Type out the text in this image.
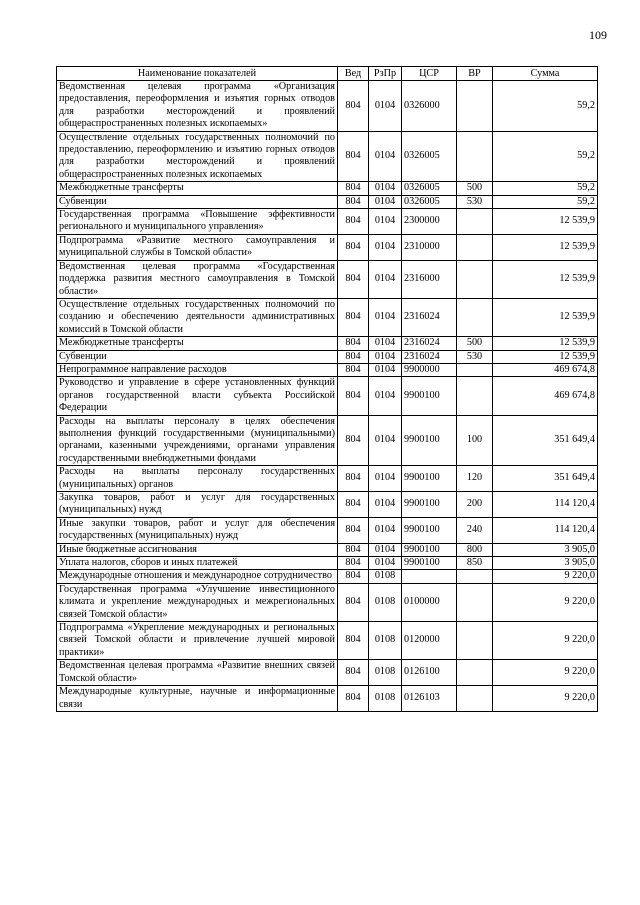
109
Наименование показателей	Вед	РзПр	ЦСР	ВР	Сумма
Ведомственная целевая программа «Организация предоставления, переоформления и изъятия горных отводов для разработки месторождений и проявлений общераспространенных полезных ископаемых»	804	0104	0326000		59,2
Осуществление отдельных государственных полномочий по предоставлению, переоформлению и изъятию горных отводов для разработки месторождений и проявлений общераспространенных полезных ископаемых	804	0104	0326005		59,2
Межбюджетные трансферты	804	0104	0326005	500	59,2
Субвенции	804	0104	0326005	530	59,2
Государственная программа «Повышение эффективности регионального и муниципального управления»	804	0104	2300000		12 539,9
Подпрограмма «Развитие местного самоуправления и муниципальной службы в Томской области»	804	0104	2310000		12 539,9
Ведомственная целевая программа «Государственная поддержка развития местного самоуправления в Томской области»	804	0104	2316000		12 539,9
Осуществление отдельных государственных полномочий по созданию и обеспечению деятельности административных комиссий в Томской области	804	0104	2316024		12 539,9
Межбюджетные трансферты	804	0104	2316024	500	12 539,9
Субвенции	804	0104	2316024	530	12 539,9
Непрограммное направление расходов	804	0104	9900000		469 674,8
Руководство и управление в сфере установленных функций органов государственной власти субъекта Российской Федерации	804	0104	9900100		469 674,8
Расходы на выплаты персоналу в целях обеспечения выполнения функций государственными (муниципальными) органами, казенными учреждениями, органами управления государственными внебюджетными фондами	804	0104	9900100	100	351 649,4
Расходы на выплаты персоналу государственных (муниципальных) органов	804	0104	9900100	120	351 649,4
Закупка товаров, работ и услуг для государственных (муниципальных) нужд	804	0104	9900100	200	114 120,4
Иные закупки товаров, работ и услуг для обеспечения государственных (муниципальных) нужд	804	0104	9900100	240	114 120,4
Иные бюджетные ассигнования	804	0104	9900100	800	3 905,0
Уплата налогов, сборов и иных платежей	804	0104	9900100	850	3 905,0
Международные отношения и международное сотрудничество	804	0108			9 220,0
Государственная программа «Улучшение инвестиционного климата и укрепление международных и межрегиональных связей Томской области»	804	0108	0100000		9 220,0
Подпрограмма «Укрепление международных и региональных связей Томской области и привлечение лучшей мировой практики»	804	0108	0120000		9 220,0
Ведомственная целевая программа «Развитие внешних связей Томской области»	804	0108	0126100		9 220,0
Международные культурные, научные и информационные связи	804	0108	0126103		9 220,0
